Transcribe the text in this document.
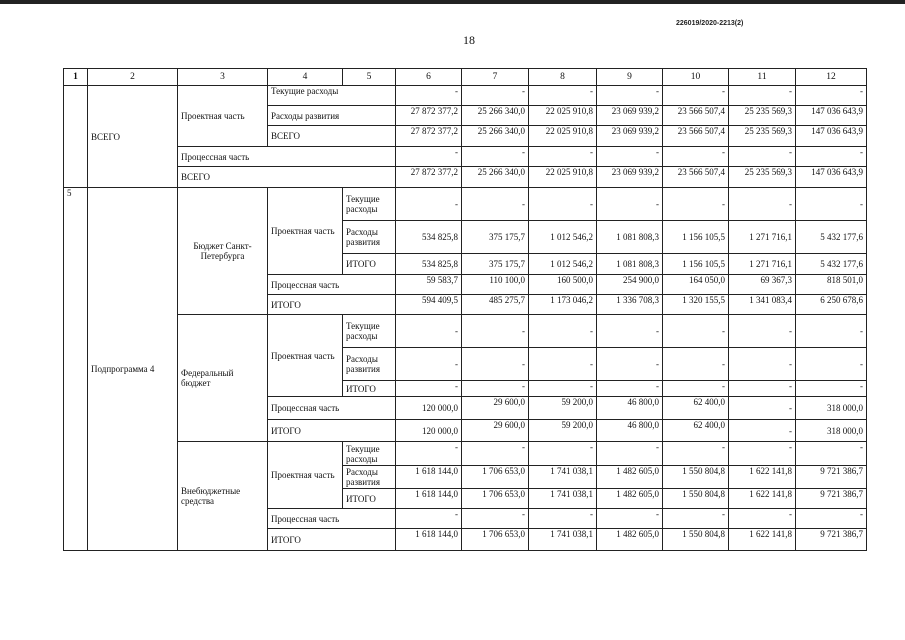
226019/2020-2213(2)
18
1	2	3	4	5	6	7	8	9	10	11	12
	ВСЕГО	Проектная часть	Текущие расходы		-	-	-	-	-	-	-
			Расходы развития		27 872 377,2	25 266 340,0	22 025 910,8	23 069 939,2	23 566 507,4	25 235 569,3	147 036 643,9
			ВСЕГО		27 872 377,2	25 266 340,0	22 025 910,8	23 069 939,2	23 566 507,4	25 235 569,3	147 036 643,9
		Процессная часть			-	-	-	-	-	-	-
		ВСЕГО			27 872 377,2	25 266 340,0	22 025 910,8	23 069 939,2	23 566 507,4	25 235 569,3	147 036 643,9
5	Подпрограмма 4	Бюджет Санкт-Петербурга	Проектная часть	Текущие расходы	-	-	-	-	-	-	-
				Расходы развития	534 825,8	375 175,7	1 012 546,2	1 081 808,3	1 156 105,5	1 271 716,1	5 432 177,6
				ИТОГО	534 825,8	375 175,7	1 012 546,2	1 081 808,3	1 156 105,5	1 271 716,1	5 432 177,6
			Процессная часть		59 583,7	110 100,0	160 500,0	254 900,0	164 050,0	69 367,3	818 501,0
			ИТОГО		594 409,5	485 275,7	1 173 046,2	1 336 708,3	1 320 155,5	1 341 083,4	6 250 678,6
		Федеральный бюджет	Проектная часть	Текущие расходы	-	-	-	-	-	-	-
				Расходы развития	-	-	-	-	-	-	-
				ИТОГО	-	-	-	-	-	-	-
			Процессная часть		120 000,0	29 600,0	59 200,0	46 800,0	62 400,0	-	318 000,0
			ИТОГО		120 000,0	29 600,0	59 200,0	46 800,0	62 400,0	-	318 000,0
		Внебюджетные средства	Проектная часть	Текущие расходы	-	-	-	-	-	-	-
				Расходы развития	1 618 144,0	1 706 653,0	1 741 038,1	1 482 605,0	1 550 804,8	1 622 141,8	9 721 386,7
				ИТОГО	1 618 144,0	1 706 653,0	1 741 038,1	1 482 605,0	1 550 804,8	1 622 141,8	9 721 386,7
			Процессная часть		-	-	-	-	-	-	-
			ИТОГО		1 618 144,0	1 706 653,0	1 741 038,1	1 482 605,0	1 550 804,8	1 622 141,8	9 721 386,7
